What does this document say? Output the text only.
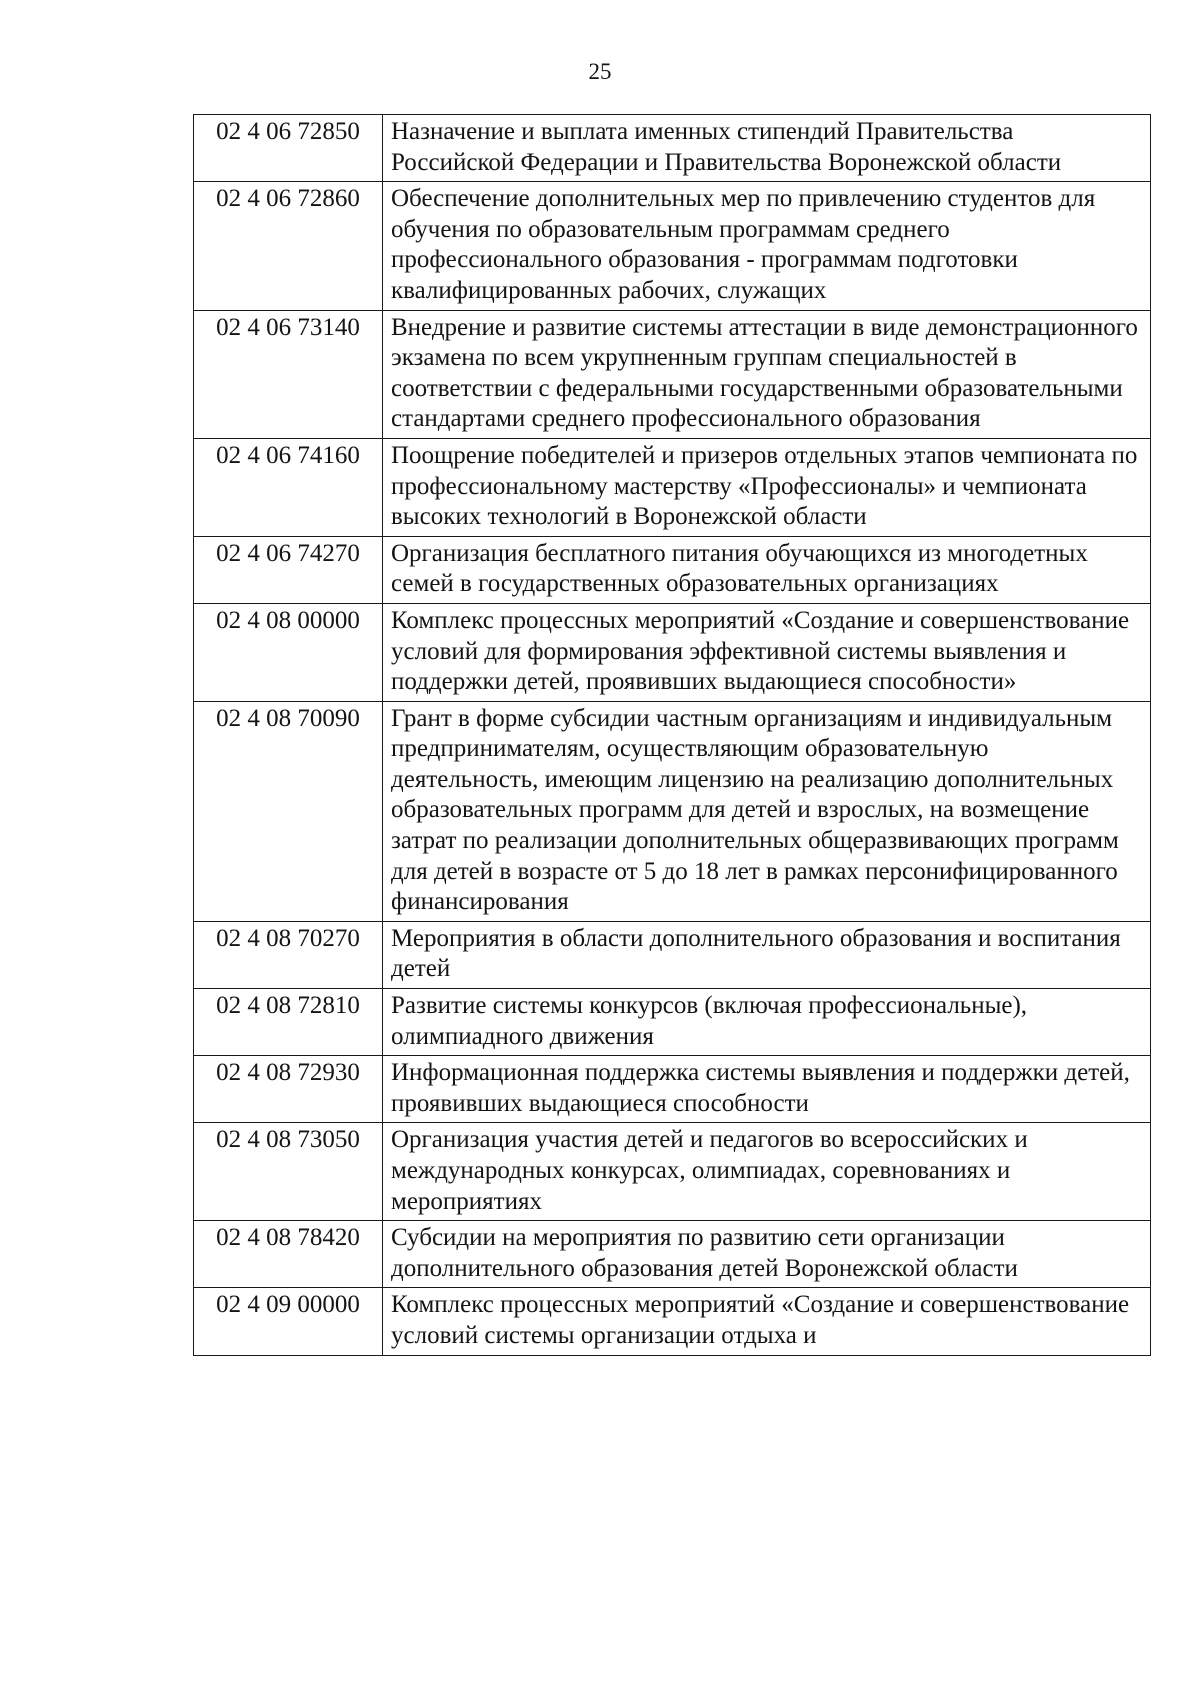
25
02 4 06 72850	Назначение и выплата именных стипендий Правительства Российской Федерации и Правительства Воронежской области
02 4 06 72860	Обеспечение дополнительных мер по привлечению студентов для обучения по образовательным программам среднего профессионального образования - программам подготовки квалифицированных рабочих, служащих
02 4 06 73140	Внедрение и развитие системы аттестации в виде демонстрационного экзамена по всем укрупненным группам специальностей в соответствии с федеральными государственными образовательными стандартами среднего профессионального образования
02 4 06 74160	Поощрение победителей и призеров отдельных этапов чемпионата по профессиональному мастерству «Профессионалы» и чемпионата высоких технологий в Воронежской области
02 4 06 74270	Организация бесплатного питания обучающихся из многодетных семей в государственных образовательных организациях
02 4 08 00000	Комплекс процессных мероприятий «Создание и совершенствование условий для формирования эффективной системы выявления и поддержки детей, проявивших выдающиеся способности»
02 4 08 70090	Грант в форме субсидии частным организациям и индивидуальным предпринимателям, осуществляющим образовательную деятельность, имеющим лицензию на реализацию дополнительных образовательных программ для детей и взрослых, на возмещение затрат по реализации дополнительных общеразвивающих программ для детей в возрасте от 5 до 18 лет в рамках персонифицированного финансирования
02 4 08 70270	Мероприятия в области дополнительного образования и воспитания детей
02 4 08 72810	Развитие системы конкурсов (включая профессиональные), олимпиадного движения
02 4 08 72930	Информационная поддержка системы выявления и поддержки детей, проявивших выдающиеся способности
02 4 08 73050	Организация участия детей и педагогов во всероссийских и международных конкурсах, олимпиадах, соревнованиях и мероприятиях
02 4 08 78420	Субсидии на мероприятия по развитию сети организации дополнительного образования детей Воронежской области
02 4 09 00000	Комплекс процессных мероприятий «Создание и совершенствование условий системы организации отдыха и
